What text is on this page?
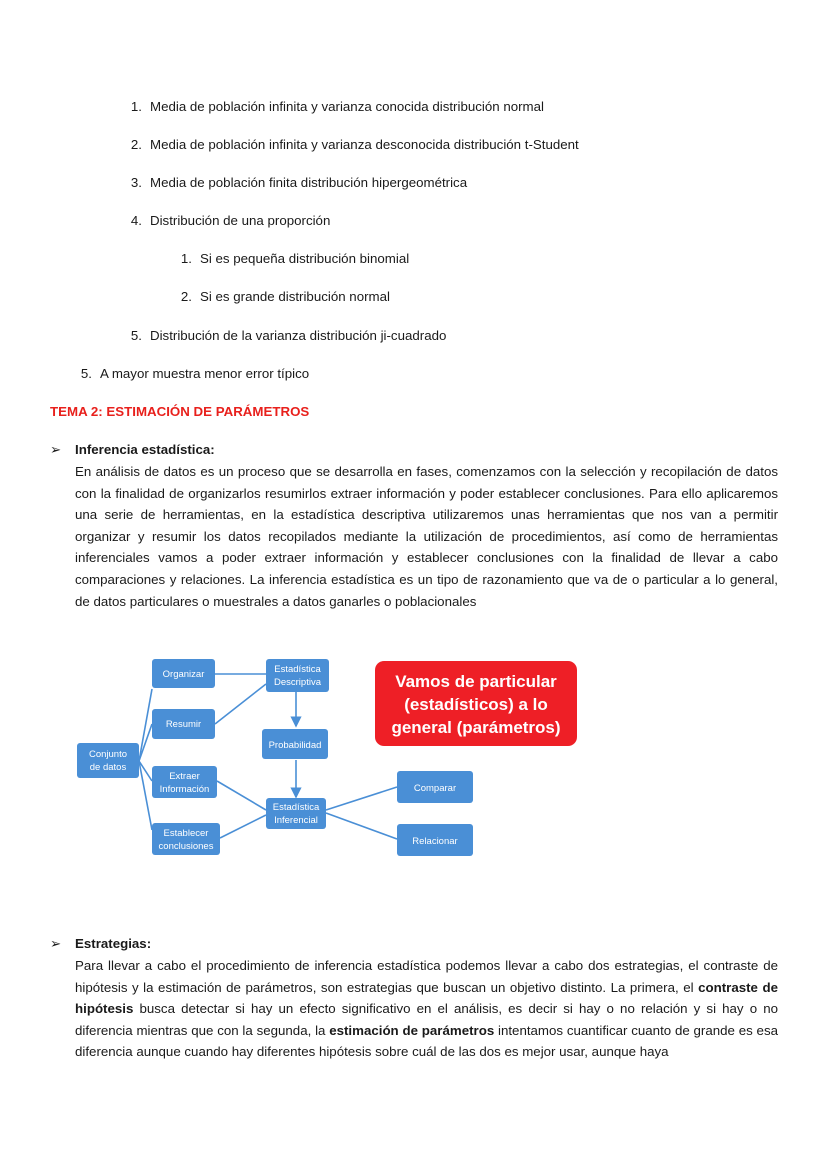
1. Media de población infinita y varianza conocida distribución normal
2. Media de población infinita y varianza desconocida distribución t-Student
3. Media de población finita distribución hipergeométrica
4. Distribución de una proporción
1. Si es pequeña distribución binomial
2. Si es grande distribución normal
5. Distribución de la varianza distribución ji-cuadrado
5. A mayor muestra menor error típico
TEMA 2: ESTIMACIÓN DE PARÁMETROS
➢ Inferencia estadística:

En análisis de datos es un proceso que se desarrolla en fases, comenzamos con la selección y recopilación de datos con la finalidad de organizarlos resumirlos extraer información y poder establecer conclusiones. Para ello aplicaremos una serie de herramientas, en la estadística descriptiva utilizaremos unas herramientas que nos van a permitir organizar y resumir los datos recopilados mediante la utilización de procedimientos, así como de herramientas inferenciales vamos a poder extraer información y establecer conclusiones con la finalidad de llevar a cabo comparaciones y relaciones. La inferencia estadística es un tipo de razonamiento que va de o particular a lo general, de datos particulares o muestrales a datos ganarles o poblacionales

Conjunto
de datos
Organizar
Resumir
Extraer
Información
Establecer
conclusiones
Estadística
Descriptiva
Probabilidad
Estadística
Inferencial
Comparar
Relacionar
Vamos de particular
(estadísticos) a lo
general (parámetros)
➢ Estrategias:

Para llevar a cabo el procedimiento de inferencia estadística podemos llevar a cabo dos estrategias, el contraste de hipótesis y la estimación de parámetros, son estrategias que buscan un objetivo distinto. La primera, el contraste de hipótesis busca detectar si hay un efecto significativo en el análisis, es decir si hay o no relación y si hay o no diferencia mientras que con la segunda, la estimación de parámetros intentamos cuantificar cuanto de grande es esa diferencia aunque cuando hay diferentes hipótesis sobre cuál de las dos es mejor usar, aunque haya
